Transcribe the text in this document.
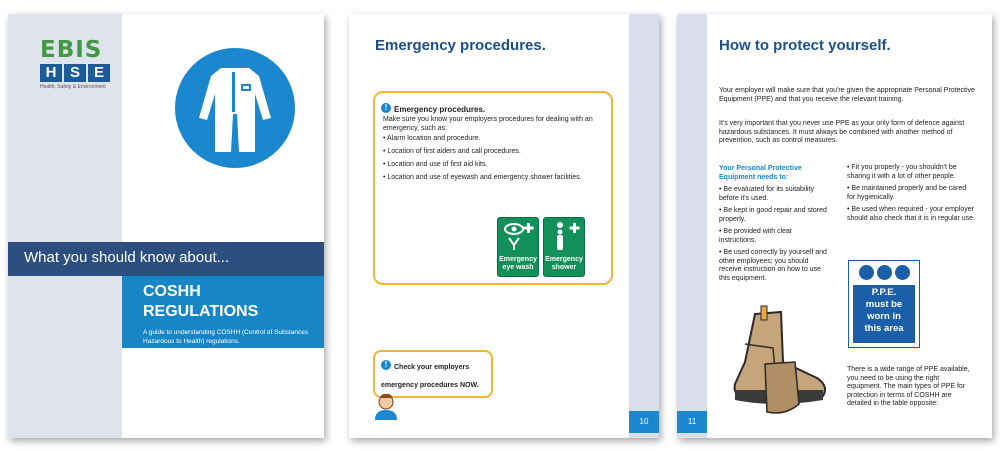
EBIS
H S E
Health, Safety & Environment
What you should know about...
COSHH
REGULATIONS
A guide to understanding COSHH (Control of Substances Hazardous to Health) regulations.
10
Emergency procedures.
! Emergency procedures.
Make sure you know your employers procedures for dealing with an emergency, such as:
• Alarm location and procedure.
• Location of first aiders and call procedures.
• Location and use of first aid kits.
• Location and use of eyewash and emergency shower facilities.
Emergency eye wash
Emergency shower
! Check your employers emergency procedures NOW.
11
How to protect yourself.
Your employer will make sure that you're given the appropriate Personal Protective Equipment (PPE) and that you receive the relevant training.
It's very important that you never use PPE as your only form of defence against hazardous substances. It must always be combined with another method of prevention, such as control measures.
Your Personal Protective Equipment needs to:
• Be evaluated for its suitability before it's used.
• Be kept in good repair and stored properly.
• Be provided with clear instructions.
• Be used correctly by yourself and other employees; you should receive instruction on how to use this equipment.
• Fit you properly - you shouldn't be sharing it with a lot of other people.
• Be maintained properly and be cared for hygienically.
• Be used when required - your employer should also check that it is in regular use.
P.P.E.
must be
worn in
this area
There is a wide range of PPE available, you need to be using the right equipment. The main types of PPE for protection in terms of COSHH are detailed in the table opposite:
